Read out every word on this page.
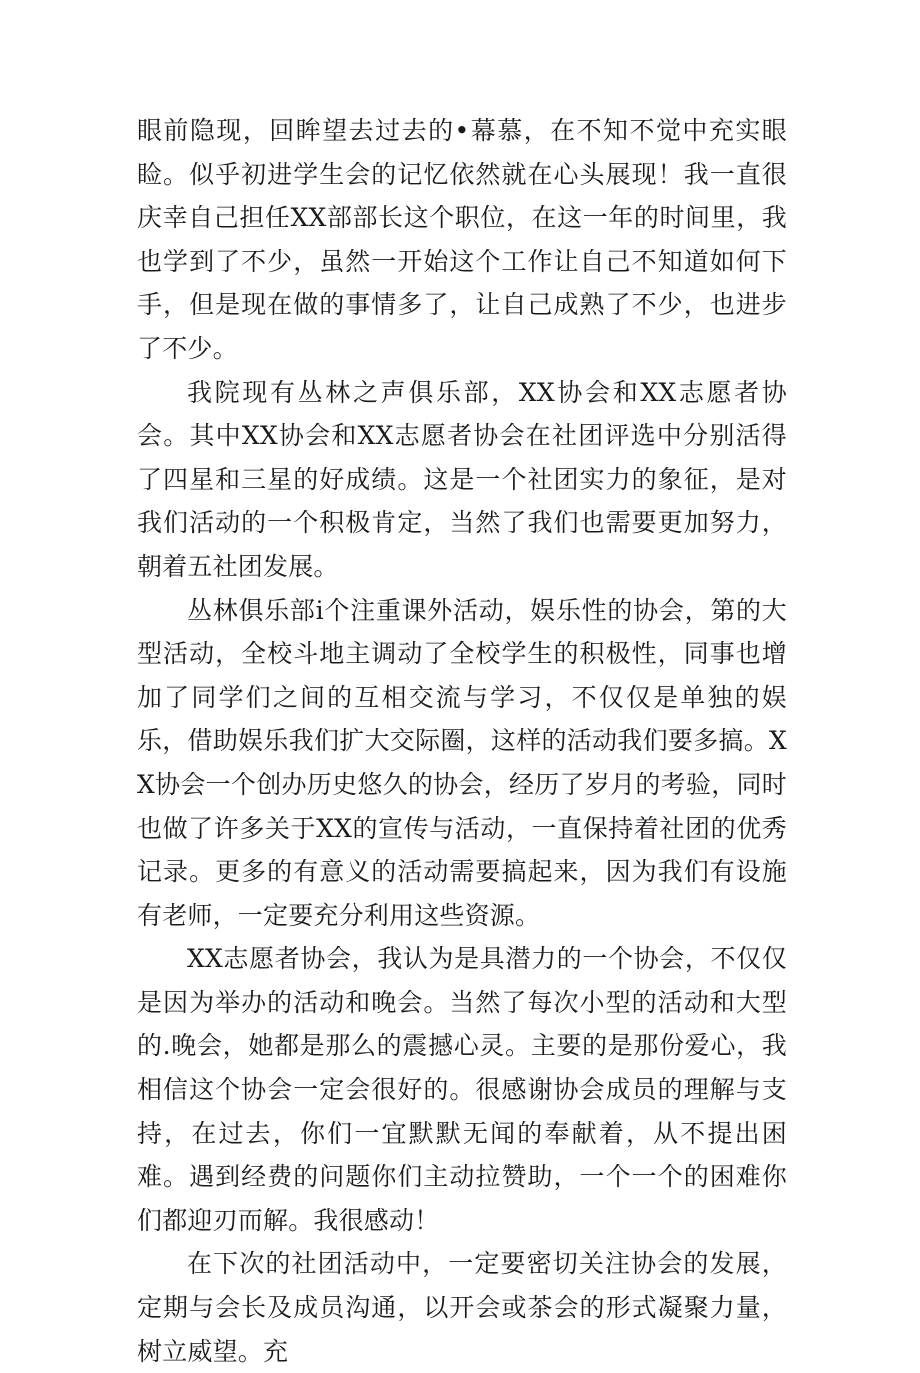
眼前隐现，回眸望去过去的•幕慕，在不知不觉中充实眼睑。似乎初进学生会的记忆依然就在心头展现！我一直很庆幸自己担任XX部部长这个职位，在这一年的时间里，我也学到了不少，虽然一开始这个工作让自己不知道如何下手，但是现在做的事情多了，让自己成熟了不少，也进步了不少。

我院现有丛林之声俱乐部，XX协会和XX志愿者协会。其中XX协会和XX志愿者协会在社团评选中分别活得了四星和三星的好成绩。这是一个社团实力的象征，是对我们活动的一个积极肯定，当然了我们也需要更加努力，朝着五社团发展。

丛林俱乐部i个注重课外活动，娱乐性的协会，第的大型活动，全校斗地主调动了全校学生的积极性，同事也增加了同学们之间的互相交流与学习，不仅仅是单独的娱乐，借助娱乐我们扩大交际圈，这样的活动我们要多搞。XX协会一个创办历史悠久的协会，经历了岁月的考验，同时也做了许多关于XX的宣传与活动，一直保持着社团的优秀记录。更多的有意义的活动需要搞起来，因为我们有设施有老师，一定要充分利用这些资源。

XX志愿者协会，我认为是具潜力的一个协会，不仅仅是因为举办的活动和晚会。当然了每次小型的活动和大型的.晚会，她都是那么的震撼心灵。主要的是那份爱心，我相信这个协会一定会很好的。很感谢协会成员的理解与支持，在过去，你们一宜默默无闻的奉献着，从不提出困难。遇到经费的问题你们主动拉赞助，一个一个的困难你们都迎刃而解。我很感动！

在下次的社团活动中，一定要密切关注协会的发展，定期与会长及成员沟通，以开会或茶会的形式凝聚力量，树立威望。充
